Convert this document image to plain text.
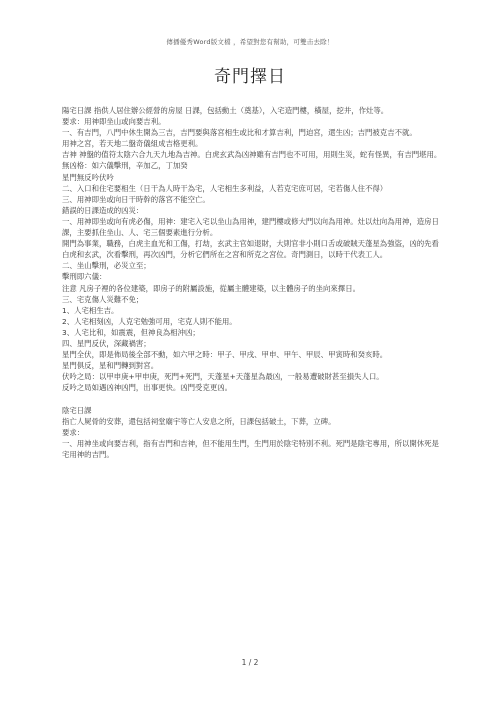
傳播優秀Word版文檔 ，希望對您有幫助，可雙击去除！
奇門擇日

陽宅日課 指供人居住辦公經營的房屋 日課，包括動土（奠基），入宅造門樓，橫屋，挖井，作灶等。

要求：用神即坐山或向要吉利。

一、有吉門，八門中休生開為三吉，吉門要與落宮相生或比和才算吉利，門迫宮，還生凶；吉門被克吉不就。

用神之宮，若天地二盤奇儀組成吉格更利。

吉神 神盤的值符太陰六合九天九地為吉神。白虎玄武為凶神雖有吉門也不可用，用則生災，蛇有怪異，有吉門堪用。

無凶格：如六儀擊刑，辛加乙，丁加癸

星門無反吟伏吟

二、入口和住宅要相生（日干為人時干為宅，人宅相生多利益，人若克宅庶可居，宅若傷人住不得）

三、用神即坐或向日干時幹的落宮不能空亡。

錯誤的日課造成的凶災：

一、用神即坐或向有虎必傷，用神：建宅入宅以坐山為用神，建門樓或修大門以向為用神。灶以灶向為用神，造房日課，主要抓住坐山、人、宅三個要素進行分析。

開門為事業，職務，白虎主血光和工傷，打劫，玄武主官如退財，大則官非小則口舌或破賊天蓬星為強盜，凶的先看白虎和玄武，次看擊刑，再次凶門，分析它們所在之宮和所克之宮位。奇門測日，以時干代表工人。

二、坐山擊刑，必災立至；

擊刑即六儀：

注意 凡房子裡的各位建築，即房子的附屬設施，從屬主體建築，以主體房子的坐向來擇日。

三、宅克傷人災難不免；

1、人宅相生吉。

2、人宅相刻凶，人克宅勉強可用，宅克人則不能用。

3、人宅比和，如震震，但神良為相沖凶；

四、星門反伏，深藏禍害；

星門全伏，即是佈局後全部不動，如六甲之時：甲子、甲戌、甲申、甲午、甲辰、甲寅時和癸亥時。

星門俱反，星和門轉到對宮。

伏吟之局：以甲申庚+甲申庚，死門+死門，天蓬星+天蓬星為最凶，一般易遭破財甚至損失人口。

反吟之局如遇凶神凶門，出事更快。凶門受克更凶。

陰宅日課

指亡人屍骨的安葬，還包括祠堂廟宇等亡人安息之所，日課包括破土，下葬，立碑。

要求：

一、用神坐或向要吉利，指有吉門和吉神，但不能用生門，生門用於陰宅特別不利。死門是陰宅專用，所以開休死是宅用神的吉門。

1 / 2
